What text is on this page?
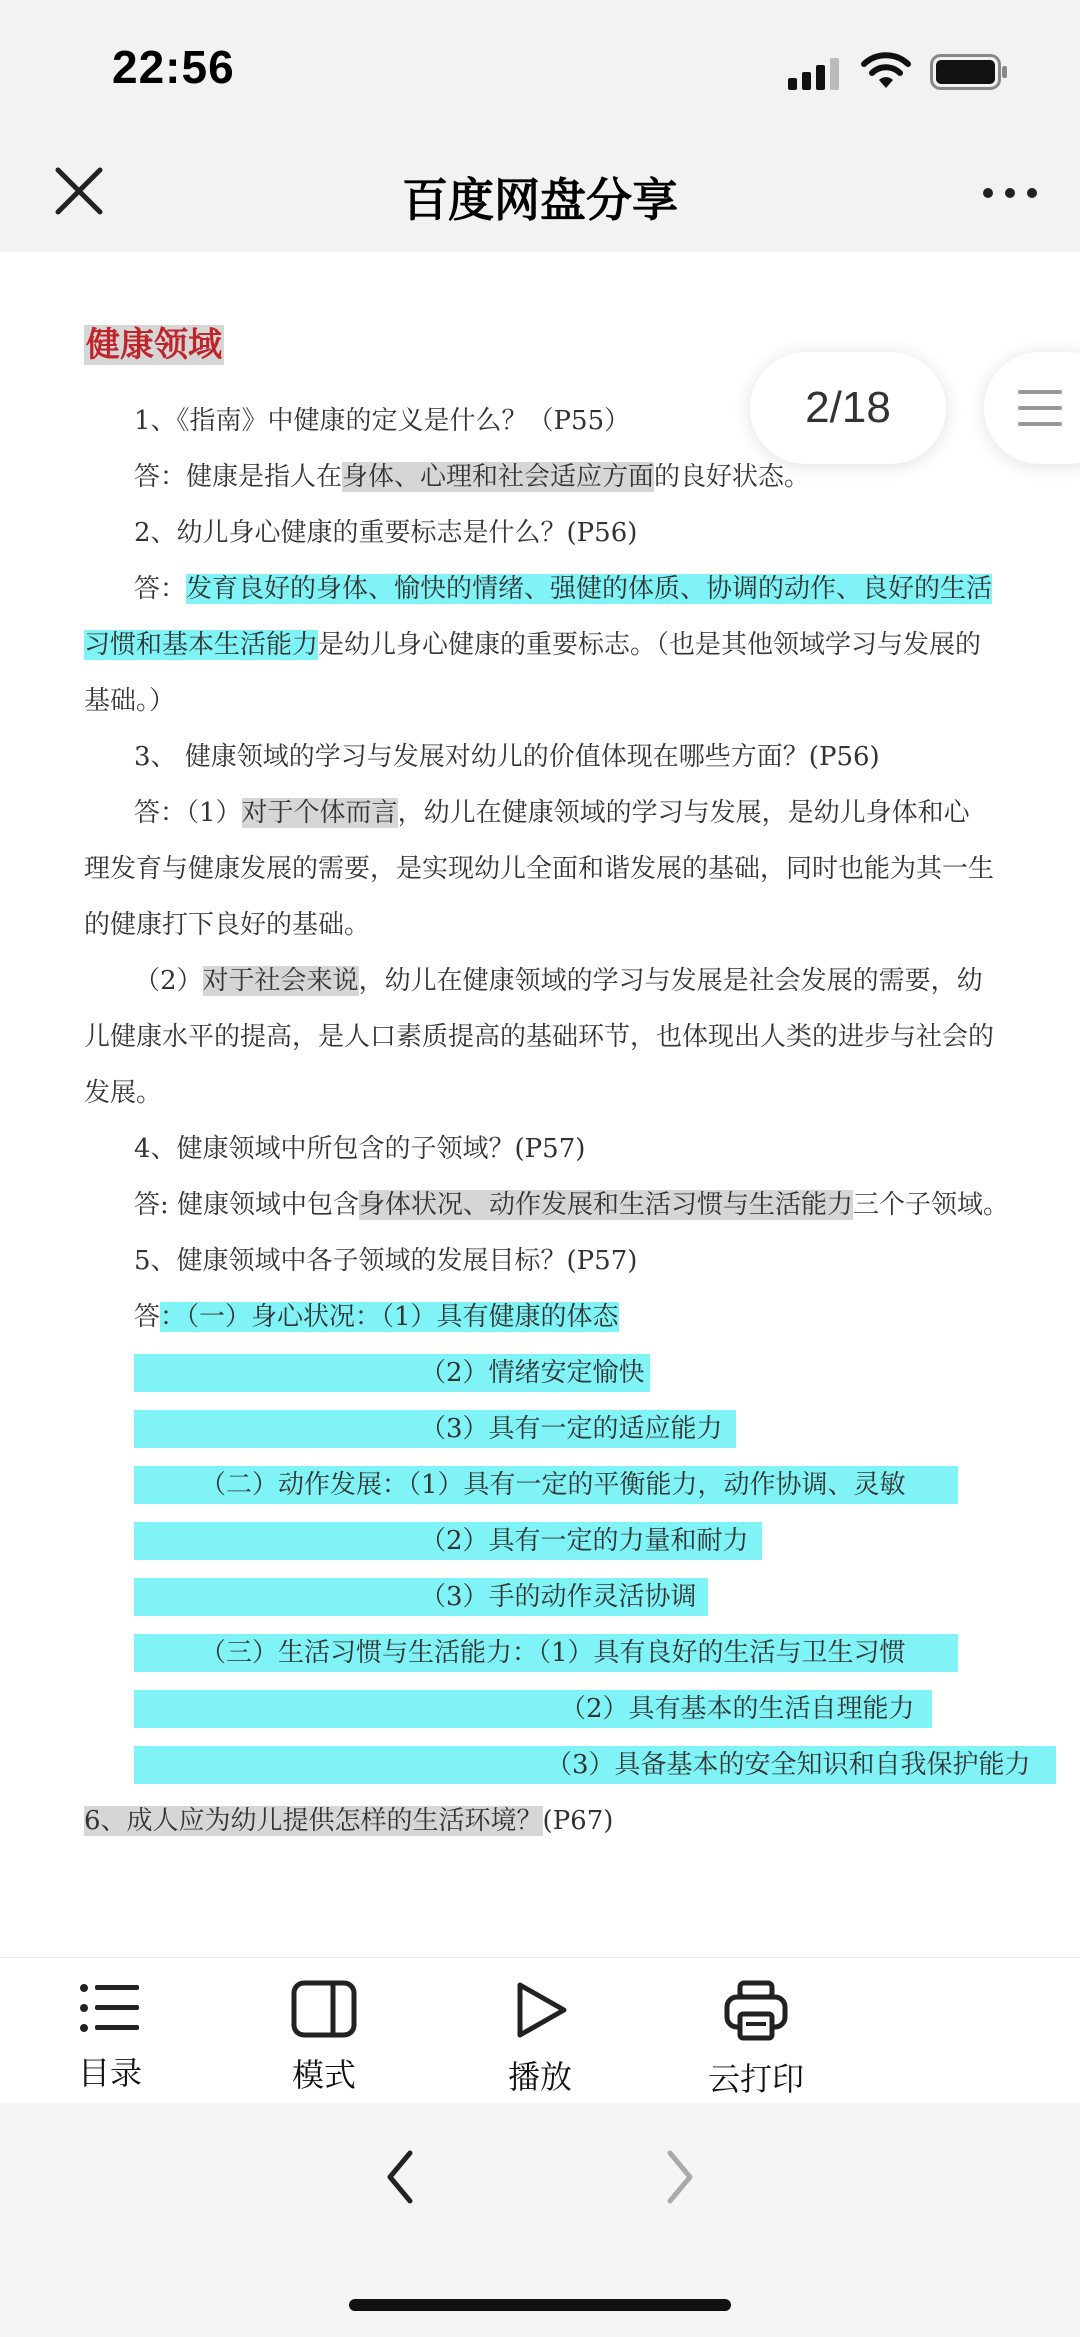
22:56
百度网盘分享
健康领域
1、《指南》中健康的定义是什么？（P55）
答：健康是指人在身体、心理和社会适应方面的良好状态。
2、幼儿身心健康的重要标志是什么？(P56)
答：发育良好的身体、愉快的情绪、强健的体质、协调的动作、良好的生活
习惯和基本生活能力是幼儿身心健康的重要标志。（也是其他领域学习与发展的
基础。）
3、 健康领域的学习与发展对幼儿的价值体现在哪些方面？(P56)
答：（1）对于个体而言，幼儿在健康领域的学习与发展，是幼儿身体和心
理发育与健康发展的需要，是实现幼儿全面和谐发展的基础，同时也能为其一生
的健康打下良好的基础。
（2）对于社会来说，幼儿在健康领域的学习与发展是社会发展的需要，幼
儿健康水平的提高，是人口素质提高的基础环节，也体现出人类的进步与社会的
发展。
4、健康领域中所包含的子领域？(P57)
答: 健康领域中包含身体状况、动作发展和生活习惯与生活能力三个子领域。
5、健康领域中各子领域的发展目标？(P57)
答：（一）身心状况：（1）具有健康的体态
（2）情绪安定愉快
（3）具有一定的适应能力
（二）动作发展：（1）具有一定的平衡能力，动作协调、灵敏
（2）具有一定的力量和耐力
（3）手的动作灵活协调
（三）生活习惯与生活能力：（1）具有良好的生活与卫生习惯
（2）具有基本的生活自理能力
（3）具备基本的安全知识和自我保护能力
6、成人应为幼儿提供怎样的生活环境？(P67)
2/18
目录	模式	播放	云打印
